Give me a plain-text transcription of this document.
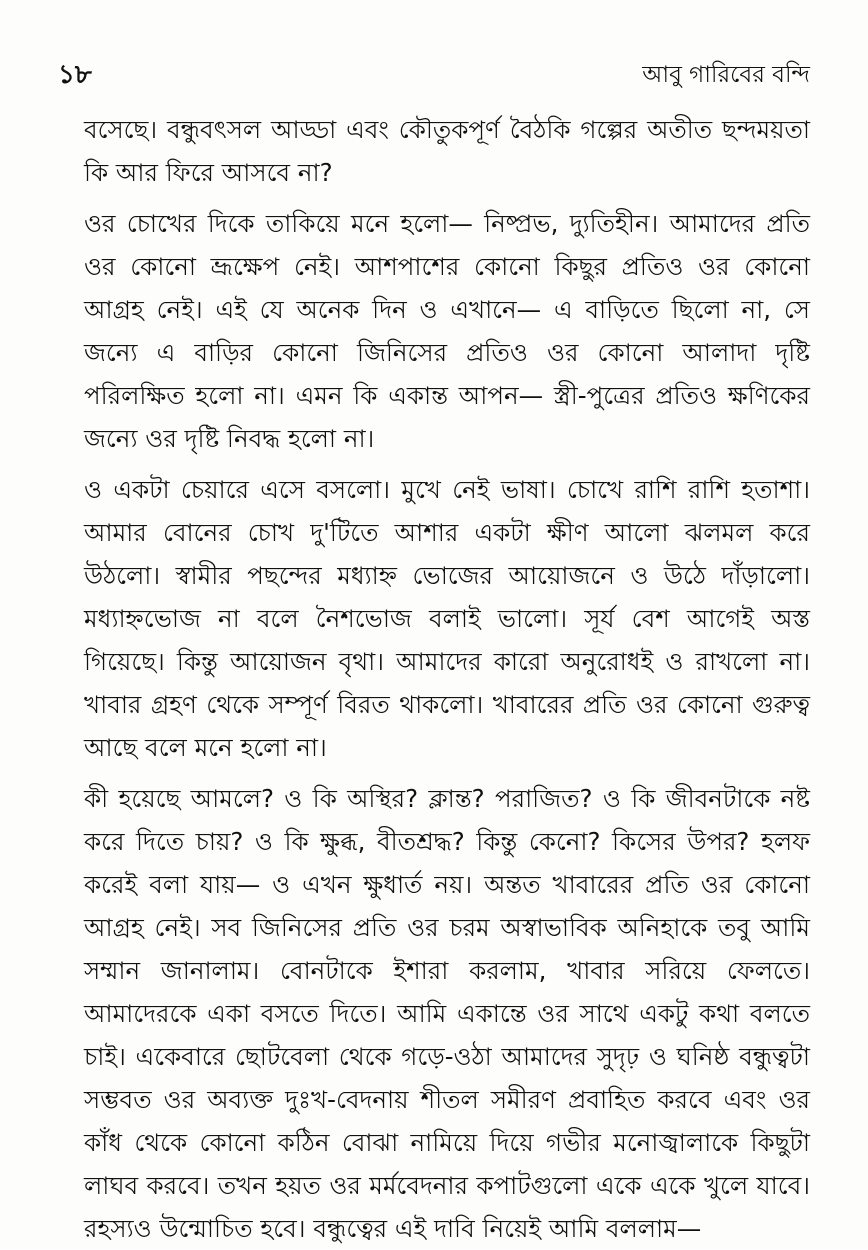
১৮	আবু গারিবের বন্দি

বসেছে। বন্ধুবৎসল আড্ডা এবং কৌতুকপূর্ণ বৈঠকি গল্পের অতীত ছন্দময়তা কি আর ফিরে আসবে না?

ওর চোখের দিকে তাকিয়ে মনে হলো— নিষ্প্রভ, দ্যুতিহীন। আমাদের প্রতি ওর কোনো ভ্রূক্ষেপ নেই। আশপাশের কোনো কিছুর প্রতিও ওর কোনো আগ্রহ নেই। এই যে অনেক দিন ও এখানে— এ বাড়িতে ছিলো না, সে জন্যে এ বাড়ির কোনো জিনিসের প্রতিও ওর কোনো আলাদা দৃষ্টি পরিলক্ষিত হলো না। এমন কি একান্ত আপন— স্ত্রী-পুত্রের প্রতিও ক্ষণিকের জন্যে ওর দৃষ্টি নিবদ্ধ হলো না।

ও একটা চেয়ারে এসে বসলো। মুখে নেই ভাষা। চোখে রাশি রাশি হতাশা। আমার বোনের চোখ দু'টিতে আশার একটা ক্ষীণ আলো ঝলমল করে উঠলো। স্বামীর পছন্দের মধ্যাহ্ন ভোজের আয়োজনে ও উঠে দাঁড়ালো। মধ্যাহ্নভোজ না বলে নৈশভোজ বলাই ভালো। সূর্য বেশ আগেই অস্ত গিয়েছে। কিন্তু আয়োজন বৃথা। আমাদের কারো অনুরোধই ও রাখলো না। খাবার গ্রহণ থেকে সম্পূর্ণ বিরত থাকলো। খাবারের প্রতি ওর কোনো গুরুত্ব আছে বলে মনে হলো না।

কী হয়েছে আমলে? ও কি অস্থির? ক্লান্ত? পরাজিত? ও কি জীবনটাকে নষ্ট করে দিতে চায়? ও কি ক্ষুব্ধ, বীতশ্রদ্ধ? কিন্তু কেনো? কিসের উপর? হলফ করেই বলা যায়— ও এখন ক্ষুধার্ত নয়। অন্তত খাবারের প্রতি ওর কোনো আগ্রহ নেই। সব জিনিসের প্রতি ওর চরম অস্বাভাবিক অনিহাকে তবু আমি সম্মান জানালাম। বোনটাকে ইশারা করলাম, খাবার সরিয়ে ফেলতে। আমাদেরকে একা বসতে দিতে। আমি একান্তে ওর সাথে একটু কথা বলতে চাই। একেবারে ছোটবেলা থেকে গড়ে-ওঠা আমাদের সুদৃঢ় ও ঘনিষ্ঠ বন্ধুত্বটা সম্ভবত ওর অব্যক্ত দুঃখ-বেদনায় শীতল সমীরণ প্রবাহিত করবে এবং ওর কাঁধ থেকে কোনো কঠিন বোঝা নামিয়ে দিয়ে গভীর মনোজ্বালাকে কিছুটা লাঘব করবে। তখন হয়ত ওর মর্মবেদনার কপাটগুলো একে একে খুলে যাবে। রহস্যও উন্মোচিত হবে। বন্ধুত্বের এই দাবি নিয়েই আমি বললাম—
